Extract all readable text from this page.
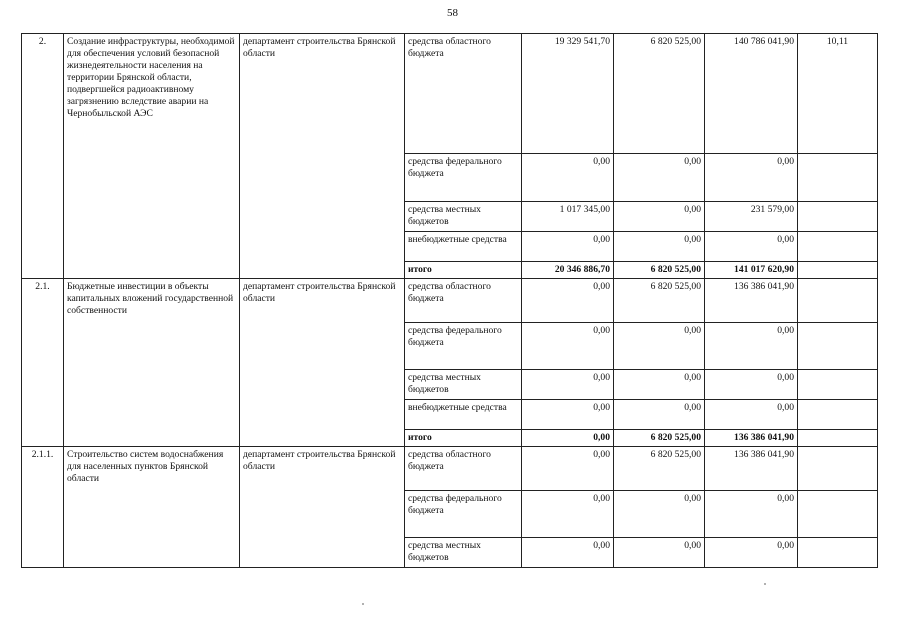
58
2.	Создание инфраструктуры, необходимой для обеспечения условий безопасной жизнедеятельности населения на территории Брянской области, подвергшейся радиоактивному загрязнению вследствие аварии на Чернобыльской АЭС	департамент строительства Брянской области	средства областного бюджета	19 329 541,70	6 820 525,00	140 786 041,90	10,11
			средства федерального бюджета	0,00	0,00	0,00	
			средства местных бюджетов	1 017 345,00	0,00	231 579,00	
			внебюджетные средства	0,00	0,00	0,00	
			итого	20 346 886,70	6 820 525,00	141 017 620,90	
2.1.	Бюджетные инвестиции в объекты капитальных вложений государственной собственности	департамент строительства Брянской области	средства областного бюджета	0,00	6 820 525,00	136 386 041,90	
			средства федерального бюджета	0,00	0,00	0,00	
			средства местных бюджетов	0,00	0,00	0,00	
			внебюджетные средства	0,00	0,00	0,00	
			итого	0,00	6 820 525,00	136 386 041,90	
2.1.1.	Строительство систем водоснабжения для населенных пунктов Брянской области	департамент строительства Брянской области	средства областного бюджета	0,00	6 820 525,00	136 386 041,90	
			средства федерального бюджета	0,00	0,00	0,00	
			средства местных бюджетов	0,00	0,00	0,00	
